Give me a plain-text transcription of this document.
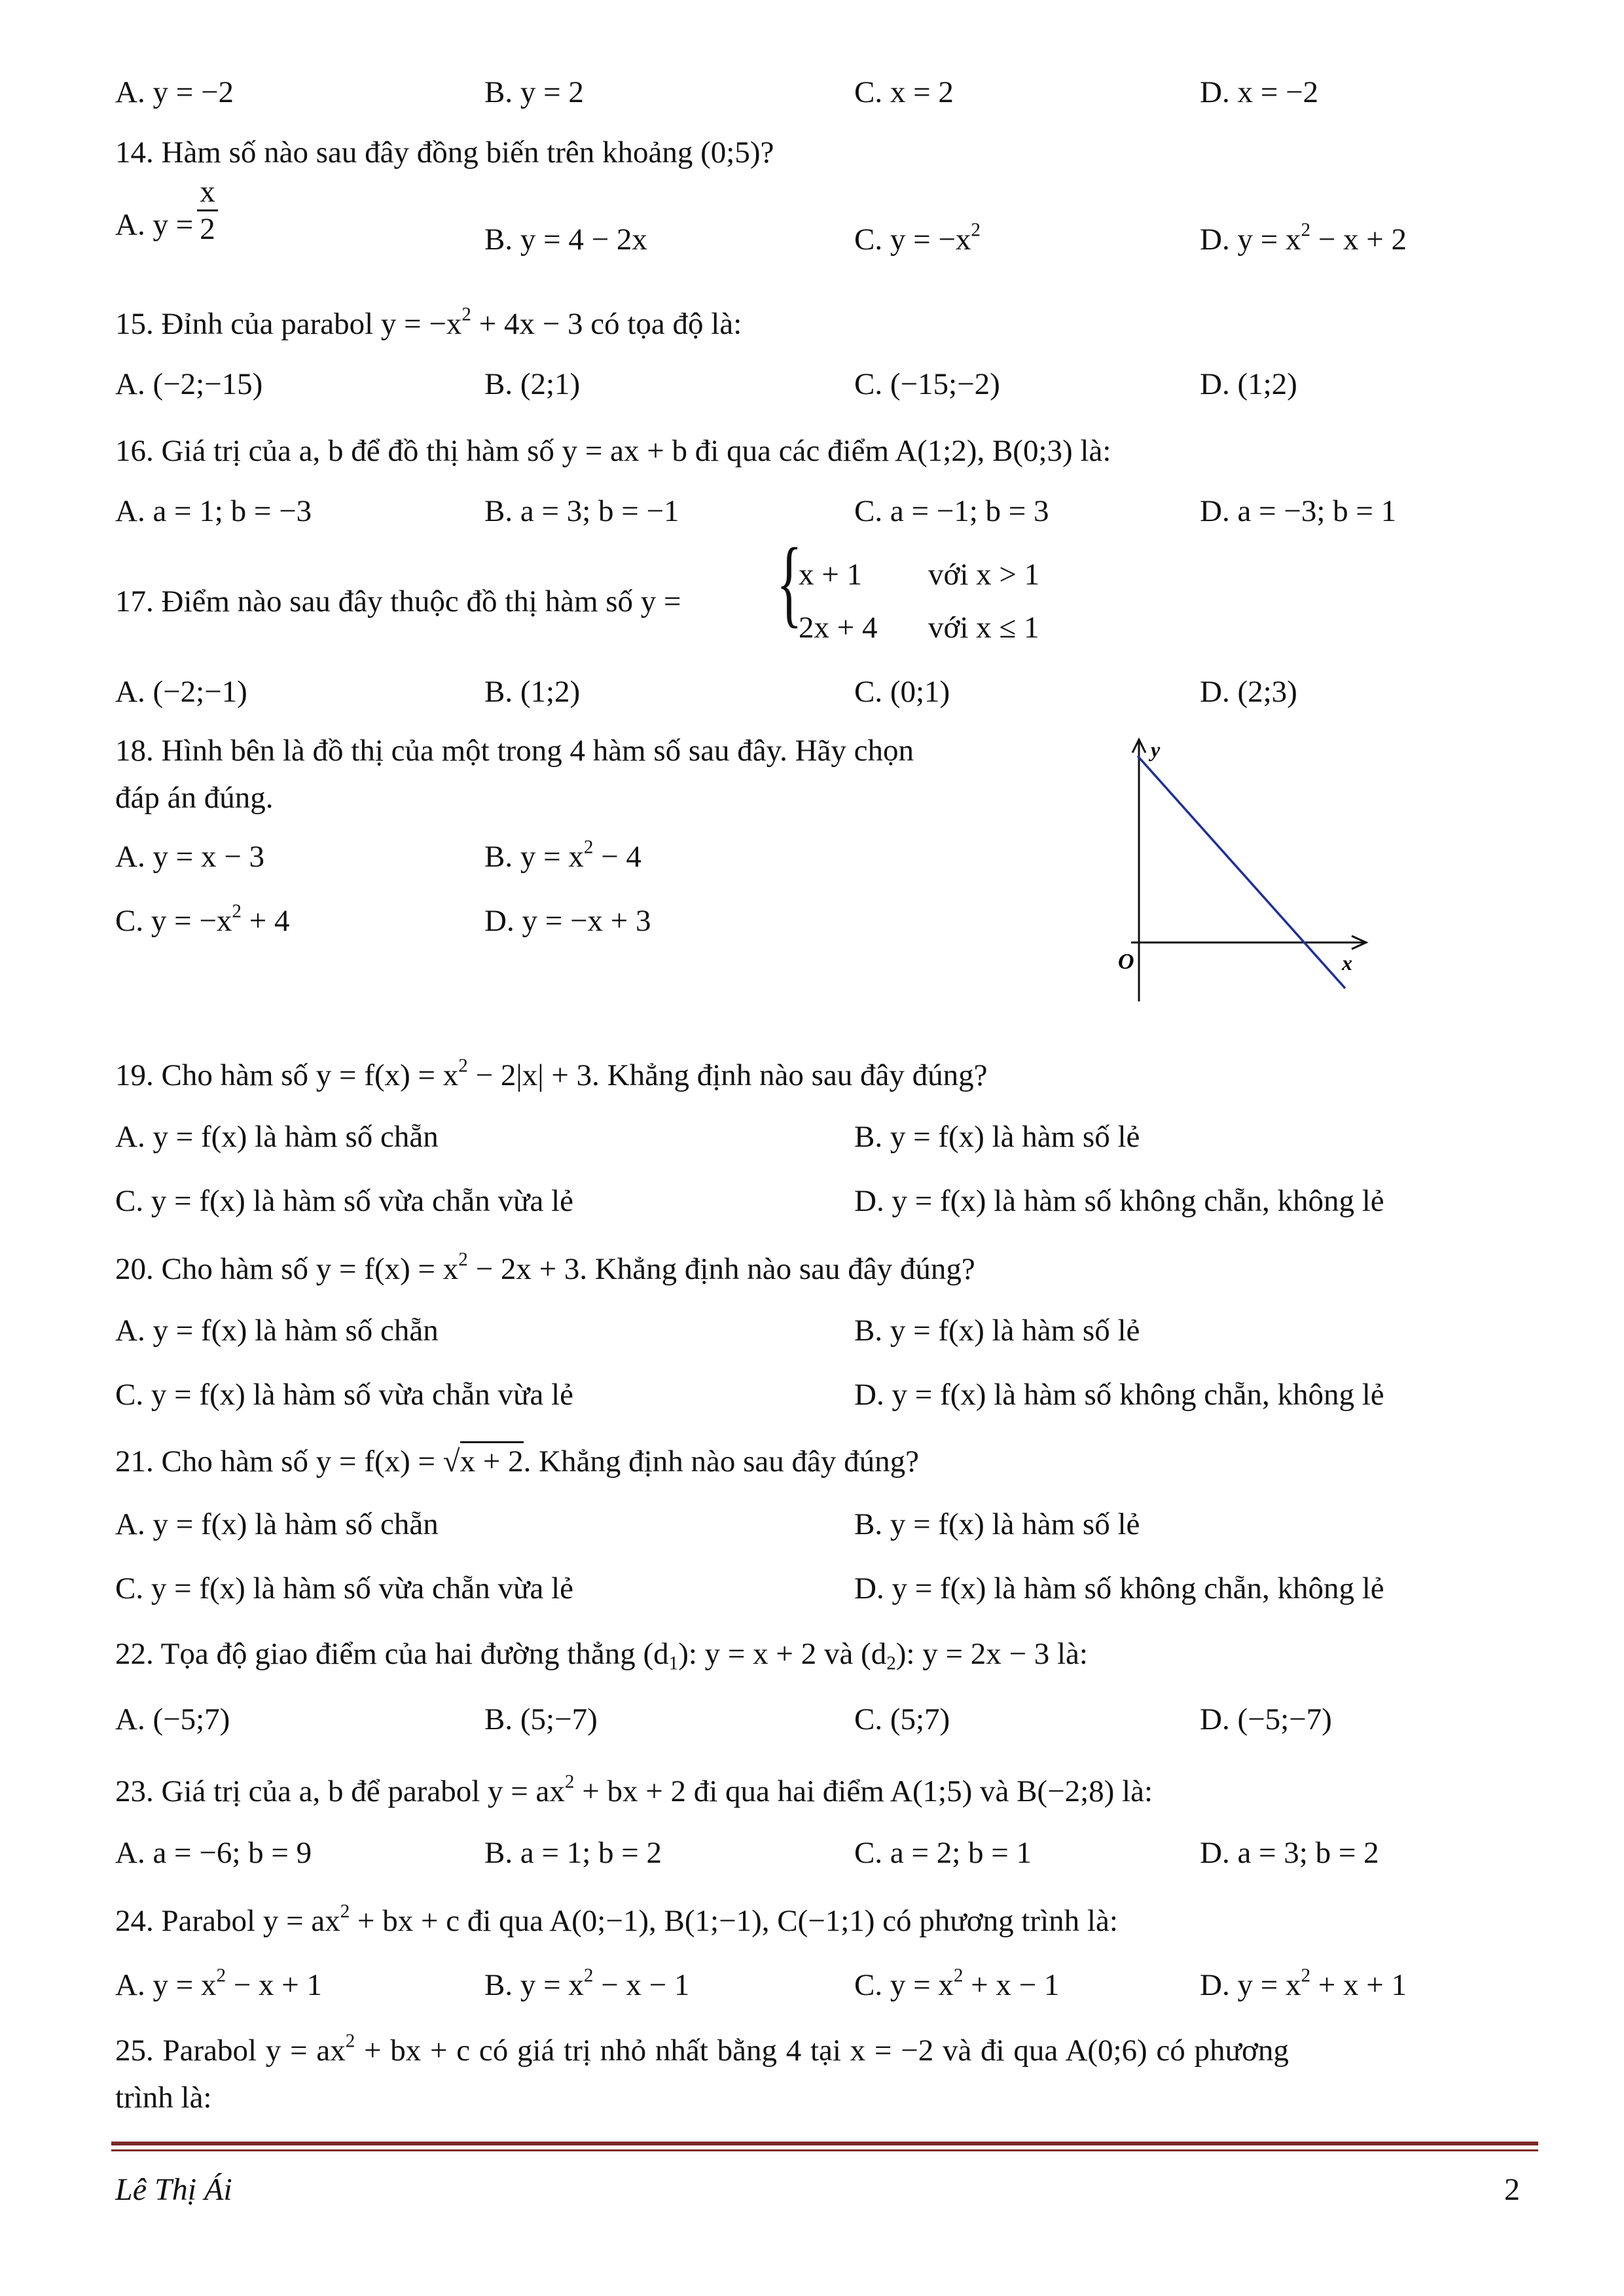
A. y = −2	B. y = 2	C. x = 2	D. x = −2
14. Hàm số nào sau đây đồng biến trên khoảng (0;5)?
A. $y = \frac{x}{2}$	B. y = 4 − 2x	C. $y = -x^2$	D. $y = x^2 - x + 2$
15. Đỉnh của parabol $y = -x^2 + 4x - 3$ có tọa độ là:
A. (−2;−15)	B. (2;1)	C. (−15;−2)	D. (1;2)
16. Giá trị của a, b để đồ thị hàm số y = ax + b đi qua các điểm A(1;2), B(0;3) là:
A. a = 1; b = −3	B. a = 3; b = −1	C. a = −1; b = 3	D. a = −3; b = 1
17. Điểm nào sau đây thuộc đồ thị hàm số y = {
x + 1 với x > 1
2x + 4 với x ≤ 1
A. (−2;−1)	B. (1;2)	C. (0;1)	D. (2;3)
18. Hình bên là đồ thị của một trong 4 hàm số sau đây. Hãy chọn
đáp án đúng.
A. y = x − 3	B. $y = x^2 - 4$
C. $y = -x^2 + 4$	D. y = −x + 3
y
x
O
19. Cho hàm số $y = f(x) = x^2 - 2|x| + 3$. Khẳng định nào sau đây đúng?
A. y = f(x) là hàm số chẵn	B. y = f(x) là hàm số lẻ
C. y = f(x) là hàm số vừa chẵn vừa lẻ	D. y = f(x) là hàm số không chẵn, không lẻ
20. Cho hàm số $y = f(x) = x^2 - 2x + 3$. Khẳng định nào sau đây đúng?
A. y = f(x) là hàm số chẵn	B. y = f(x) là hàm số lẻ
C. y = f(x) là hàm số vừa chẵn vừa lẻ	D. y = f(x) là hàm số không chẵn, không lẻ
21. Cho hàm số y = f(x) = √x + 2. Khẳng định nào sau đây đúng?
A. y = f(x) là hàm số chẵn	B. y = f(x) là hàm số lẻ
C. y = f(x) là hàm số vừa chẵn vừa lẻ	D. y = f(x) là hàm số không chẵn, không lẻ
22. Tọa độ giao điểm của hai đường thẳng $(d_1)$: y = x + 2 và $(d_2)$: y = 2x − 3 là:
A. (−5;7)	B. (5;−7)	C. (5;7)	D. (−5;−7)
23. Giá trị của a, b để parabol $y = ax^2$ + bx + 2 đi qua hai điểm A(1;5) và B(−2;8) là:
A. a = −6; b = 9	B. a = 1; b = 2	C. a = 2; b = 1	D. a = 3; b = 2
24. Parabol $y = ax^2$ + bx + c đi qua A(0;−1), B(1;−1), C(−1;1) có phương trình là:
A. $y = x^2 - x + 1$	B. $y = x^2 - x - 1$	C. $y = x^2 + x - 1$	D. $y = x^2 + x + 1$
25. Parabol $y = ax^2$ + bx + c có giá trị nhỏ nhất bằng 4 tại x = −2 và đi qua A(0;6) có phương
trình là:
Lê Thị Ái	2
